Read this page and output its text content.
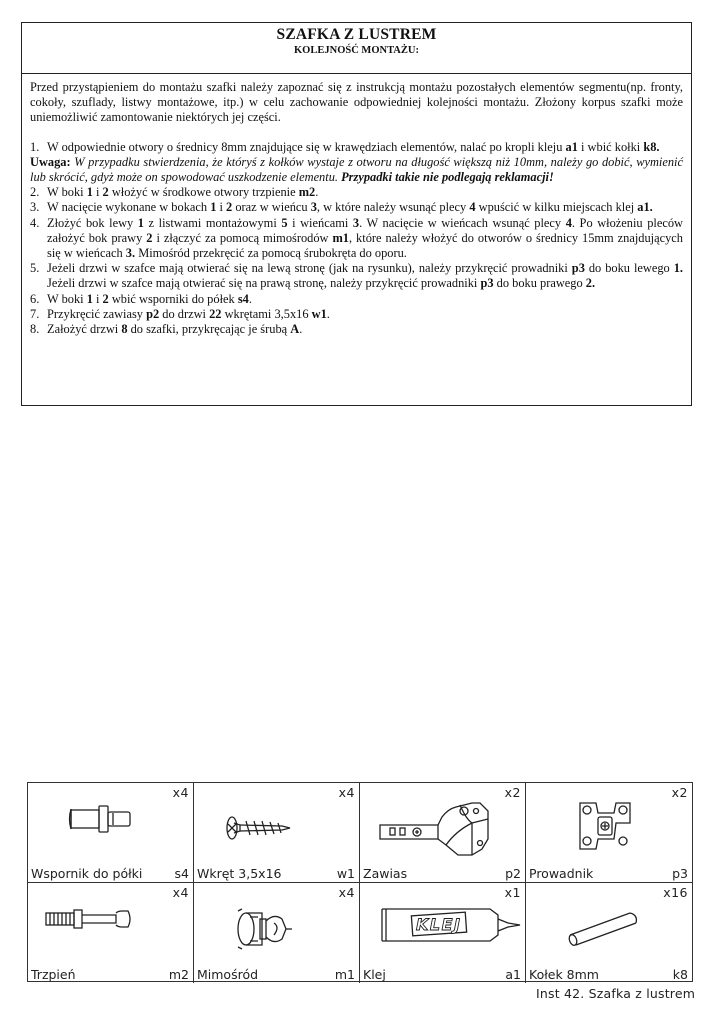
SZAFKA Z LUSTREM
KOLEJNOŚĆ MONTAŻU:

Przed przystąpieniem do montażu szafki należy zapoznać się z instrukcją montażu pozostałych elementów segmentu(np. fronty, cokoły, szuflady, listwy montażowe, itp.) w celu zachowanie odpowiedniej kolejności montażu. Złożony korpus szafki może uniemożliwić zamontowanie niektórych jej części.

1. W odpowiednie otwory o średnicy 8mm znajdujące się w krawędziach elementów, nalać po kropli kleju a1 i wbić kołki k8.
Uwaga: W przypadku stwierdzenia, że któryś z kołków wystaje z otworu na długość większą niż 10mm, należy go dobić, wymienić lub skrócić, gdyż może on spowodować uszkodzenie elementu. Przypadki takie nie podlegają reklamacji!
2. W boki 1 i 2 włożyć w środkowe otwory trzpienie m2.
3. W nacięcie wykonane w bokach 1 i 2 oraz w wieńcu 3, w które należy wsunąć plecy 4 wpuścić w kilku miejscach klej a1.
4. Złożyć bok lewy 1 z listwami montażowymi 5 i wieńcami 3. W nacięcie w wieńcach wsunąć plecy 4. Po włożeniu pleców założyć bok prawy 2 i złączyć za pomocą mimośrodów m1, które należy włożyć do otworów o średnicy 15mm znajdujących się w wieńcach 3. Mimośród przekręcić za pomocą śrubokręta do oporu.
5. Jeżeli drzwi w szafce mają otwierać się na lewą stronę (jak na rysunku), należy przykręcić prowadniki p3 do boku lewego 1. Jeżeli drzwi w szafce mają otwierać się na prawą stronę, należy przykręcić prowadniki p3 do boku prawego 2.
6. W boki 1 i 2 wbić wsporniki do półek s4.
7. Przykręcić zawiasy p2 do drzwi 22 wkrętami 3,5x16 w1.
8. Założyć drzwi 8 do szafki, przykręcając je śrubą A.
x4
Wspornik do półki	s4
x4
Wkręt 3,5x16	w1
x2
Zawias	p2
x2
Prowadnik	p3
x4
Trzpień	m2
x4
Mimośród	m1
KLEJ
x1
Klej	a1
x16
Kołek 8mm	k8
Inst 42. Szafka z lustrem
